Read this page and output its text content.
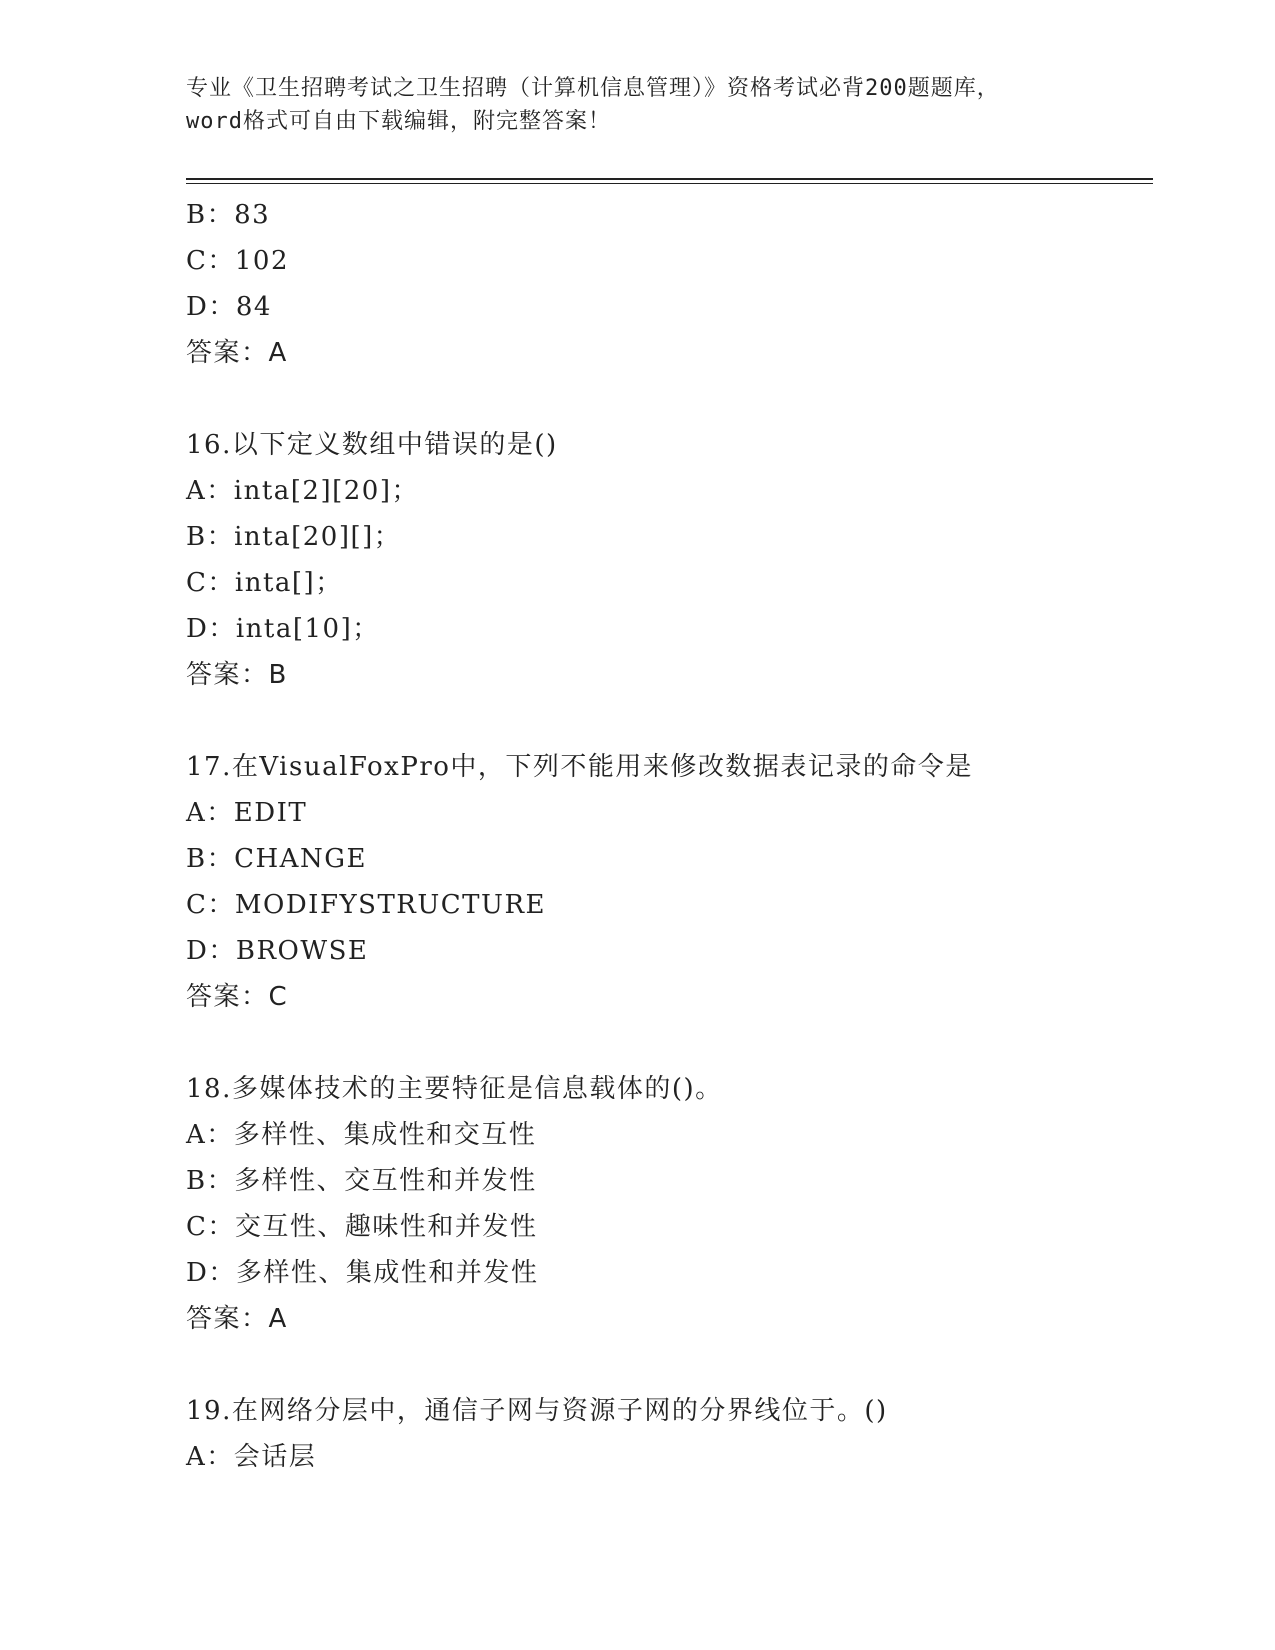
专业《卫生招聘考试之卫生招聘（计算机信息管理）》资格考试必背200题题库，
word格式可自由下载编辑，附完整答案！
B：83
C：102
D：84
答案：A
16.以下定义数组中错误的是()
A：inta[2][20]；
B：inta[20][]；
C：inta[]；
D：inta[10]；
答案：B
17.在VisualFoxPro中，下列不能用来修改数据表记录的命令是
A：EDIT
B：CHANGE
C：MODIFYSTRUCTURE
D：BROWSE
答案：C
18.多媒体技术的主要特征是信息载体的()。
A：多样性、集成性和交互性
B：多样性、交互性和并发性
C：交互性、趣味性和并发性
D：多样性、集成性和并发性
答案：A
19.在网络分层中，通信子网与资源子网的分界线位于。()
A：会话层
